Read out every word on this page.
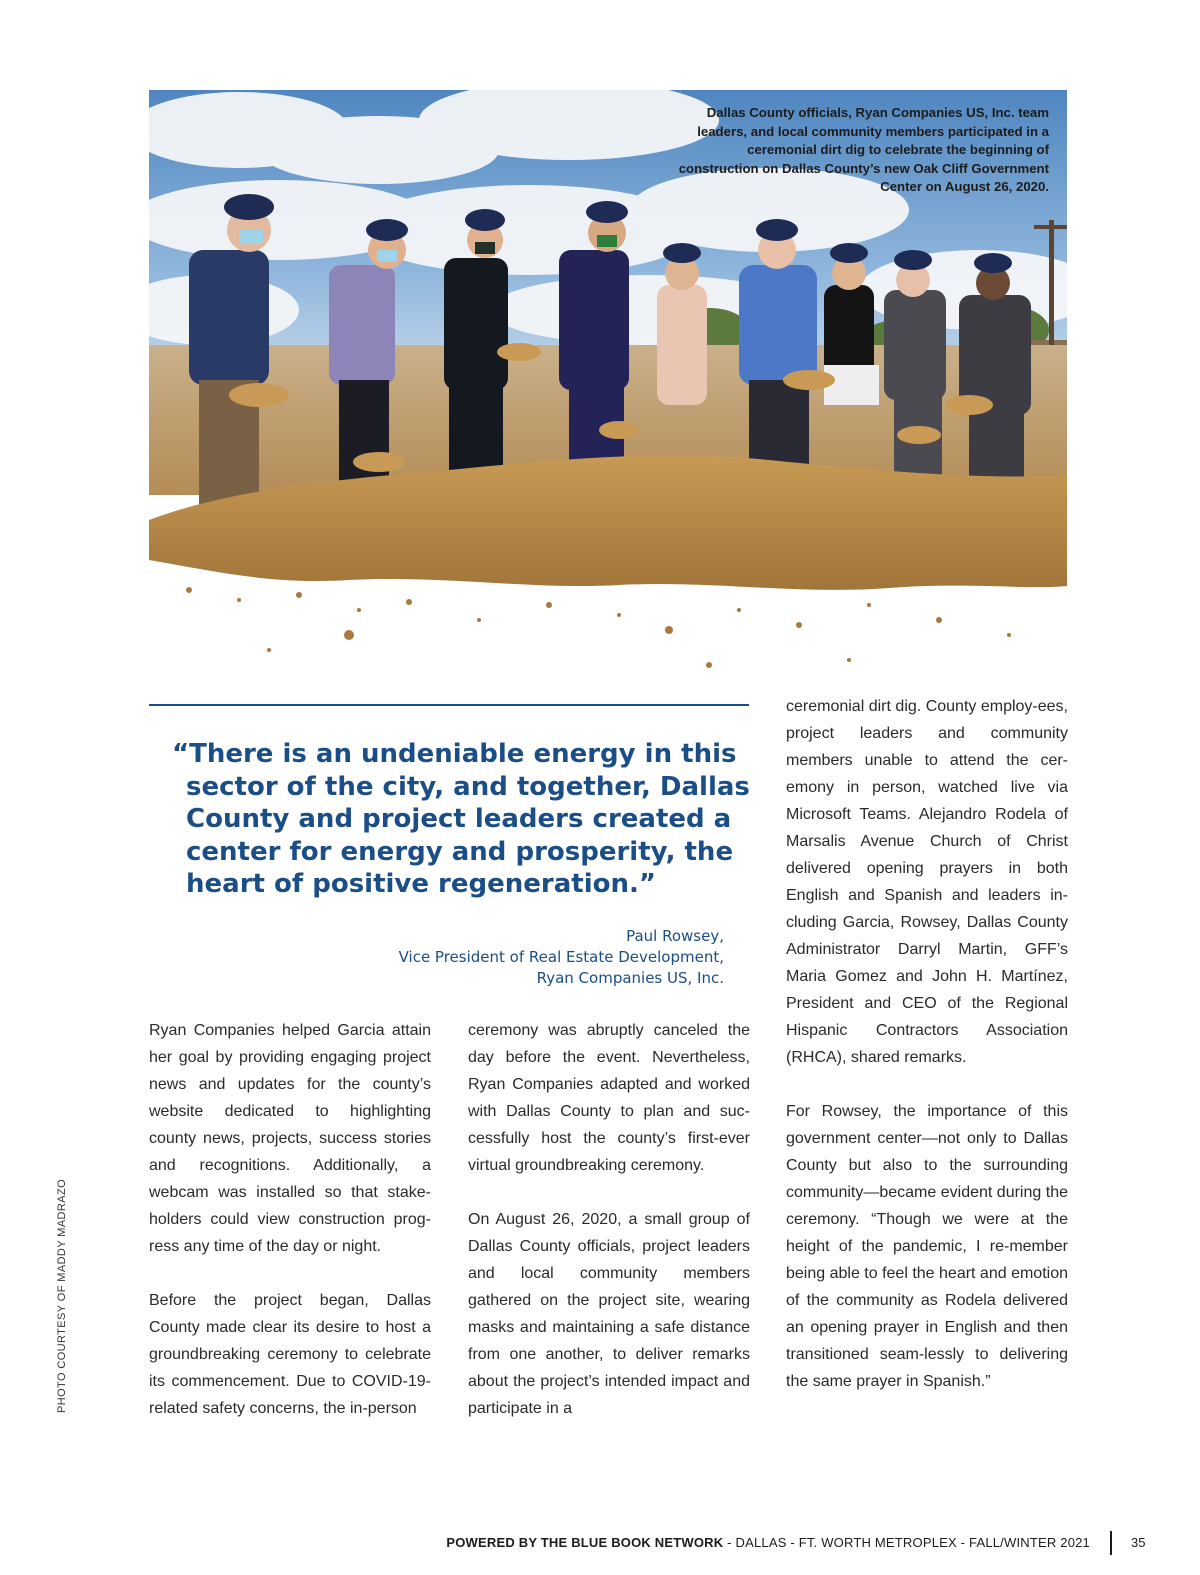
Dallas County officials, Ryan Companies US, Inc. team leaders, and local community members participated in a ceremonial dirt dig to celebrate the beginning of construction on Dallas County’s new Oak Cliff Government Center on August 26, 2020.
PHOTO COURTESY OF MADDY MADRAZO
“There is an undeniable energy in this sector of the city, and together, Dallas County and project leaders created a center for energy and prosperity, the heart of positive regeneration.”
Paul Rowsey,
Vice President of Real Estate Development,
Ryan Companies US, Inc.

Ryan Companies helped Garcia attain her goal by providing engaging project news and updates for the county’s website dedicated to highlighting county news, projects, success stories and recognitions. Additionally, a webcam was installed so that stake-holders could view construction prog-ress any time of the day or night.

Before the project began, Dallas County made clear its desire to host a groundbreaking ceremony to celebrate its commencement. Due to COVID-19-related safety concerns, the in-person

ceremony was abruptly canceled the day before the event. Nevertheless, Ryan Companies adapted and worked with Dallas County to plan and suc-cessfully host the county’s first-ever virtual groundbreaking ceremony.

On August 26, 2020, a small group of Dallas County officials, project leaders and local community members gathered on the project site, wearing masks and maintaining a safe distance from one another, to deliver remarks about the project’s intended impact and participate in a

ceremonial dirt dig. County employ-ees, project leaders and community members unable to attend the cer-emony in person, watched live via Microsoft Teams. Alejandro Rodela of Marsalis Avenue Church of Christ delivered opening prayers in both English and Spanish and leaders in-cluding Garcia, Rowsey, Dallas County Administrator Darryl Martin, GFF’s Maria Gomez and John H. Martínez, President and CEO of the Regional Hispanic Contractors Association (RHCA), shared remarks.

For Rowsey, the importance of this government center—not only to Dallas County but also to the surrounding community—became evident during the ceremony. “Though we were at the height of the pandemic, I re-member being able to feel the heart and emotion of the community as Rodela delivered an opening prayer in English and then transitioned seam-lessly to delivering the same prayer in Spanish.”

POWERED BY THE BLUE BOOK NETWORK - DALLAS - FT. WORTH METROPLEX - FALL/WINTER 2021	35
